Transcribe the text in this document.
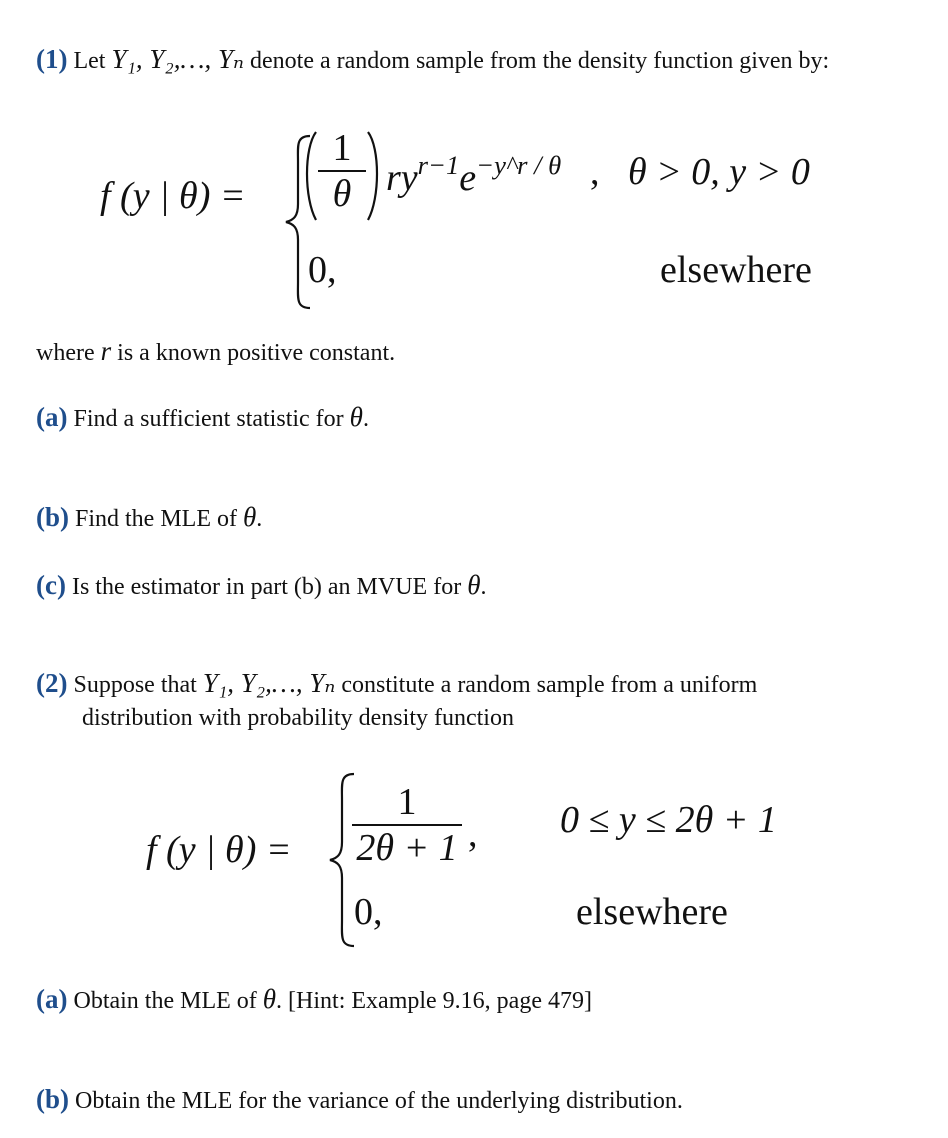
(1) Let Y₁, Y₂,…, Yₙ denote a random sample from the density function given by:
f (y | $\theta) = \frac{1}{\theta} ry^{r-1}e^{-y\^{}r / \theta}$ , θ > 0, y > 0
0,	elsewhere
where r is a known positive constant.
(a) Find a sufficient statistic for θ.
(b) Find the MLE of θ.
(c) Is the estimator in part (b) an MVUE for θ.
(2) Suppose that Y₁, Y₂,…, Yₙ constitute a random sample from a uniform
distribution with probability density function
f (y | $\theta) = \frac{1}{2\theta + 1}$ , 0 ≤ y ≤ 2θ + 1
0,	elsewhere
(a) Obtain the MLE of θ. [Hint: Example 9.16, page 479]
(b) Obtain the MLE for the variance of the underlying distribution.
